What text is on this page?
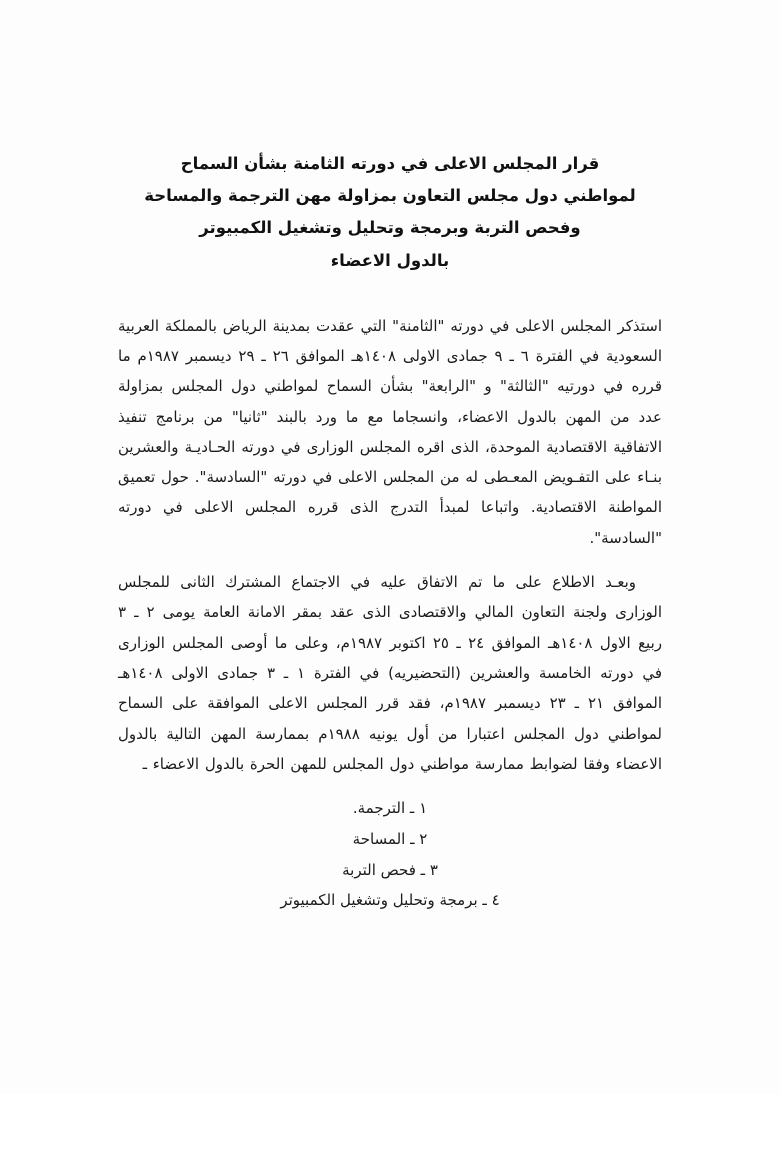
قرار المجلس الاعلى في دورته الثامنة بشأن السماح
لمواطني دول مجلس التعاون بمزاولة مهن الترجمة والمساحة
وفحص التربة وبرمجة وتحليل وتشغيل الكمبيوتر
بالدول الاعضاء

استذكر المجلس الاعلى في دورته "الثامنة" التي عقدت بمدينة الرياض بالمملكة العربية السعودية في الفترة ٦ ـ ٩ جمادى الاولى ١٤٠٨هـ الموافق ٢٦ ـ ٢٩ ديسمبر ١٩٨٧م ما قرره في دورتيه "الثالثة" و "الرابعة" بشأن السماح لمواطني دول المجلس بمزاولة عدد من المهن بالدول الاعضاء، وانسجاما مع ما ورد بالبند "ثانيا" من برنامج تنفيذ الاتفاقية الاقتصادية الموحدة، الذى اقره المجلس الوزارى في دورته الحـاديـة والعشرين بنـاء على التفـويض المعـطى له من المجلس الاعلى في دورته "السادسة". حول تعميق المواطنة الاقتصادية. واتباعا لمبدأ التدرج الذى قرره المجلس الاعلى في دورته "السادسة".

وبعـد الاطلاع على ما تم الاتفاق عليه في الاجتماع المشترك الثانى للمجلس الوزارى ولجنة التعاون المالي والاقتصادى الذى عقد بمقر الامانة العامة يومى ٢ ـ ٣ ربيع الاول ١٤٠٨هـ الموافق ٢٤ ـ ٢٥ اكتوبر ١٩٨٧م، وعلى ما أوصى المجلس الوزارى في دورته الخامسة والعشرين (التحضيريه) في الفترة ١ ـ ٣ جمادى الاولى ١٤٠٨هـ الموافق ٢١ ـ ٢٣ ديسمبر ١٩٨٧م، فقد قرر المجلس الاعلى الموافقة على السماح لمواطني دول المجلس اعتبارا من أول يونيه ١٩٨٨م بممارسة المهن التالية بالدول الاعضاء وفقا لضوابط ممارسة مواطني دول المجلس للمهن الحرة بالدول الاعضاء ـ

١ ـ الترجمة.
٢ ـ المساحة
٣ ـ فحص التربة
٤ ـ برمجة وتحليل وتشغيل الكمبيوتر
